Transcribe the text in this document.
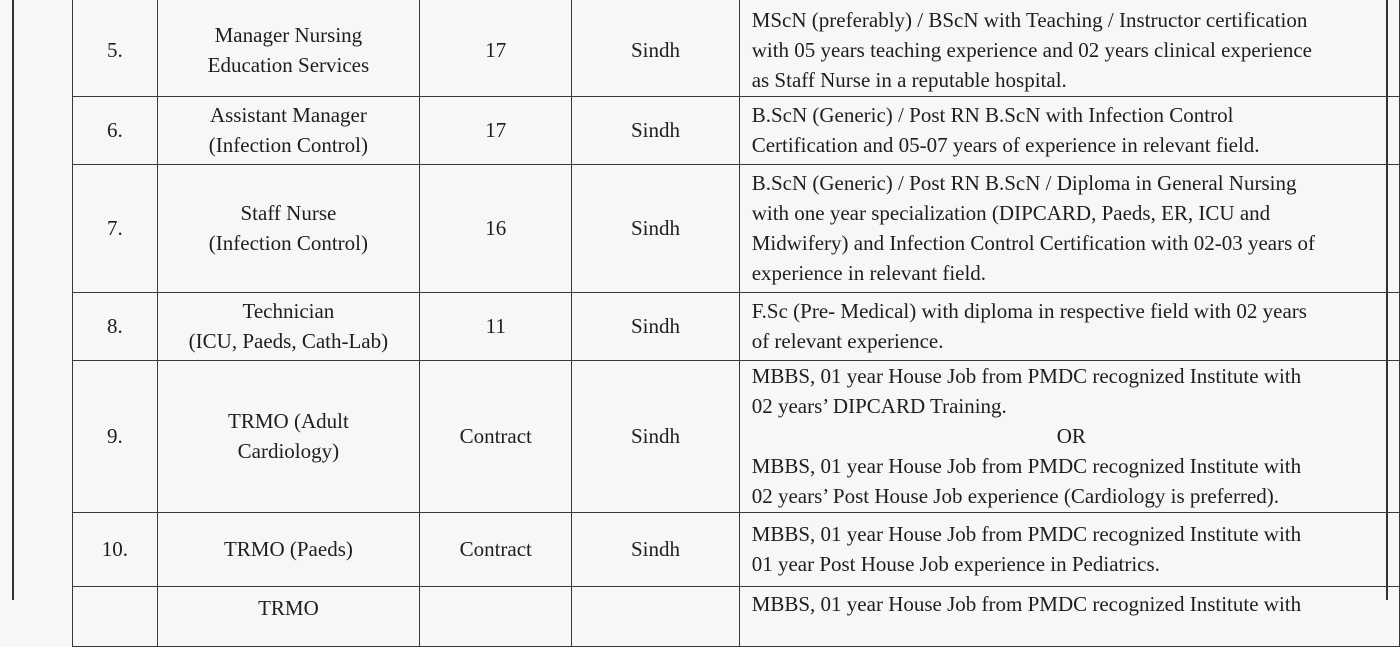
5.	Manager Nursing
Education Services	17	Sindh	MScN (preferably) / BScN with Teaching / Instructor certification
with 05 years teaching experience and 02 years clinical experience
as Staff Nurse in a reputable hospital.

6.	Assistant Manager
(Infection Control)	17	Sindh	B.ScN (Generic) / Post RN B.ScN with Infection Control
Certification and 05-07 years of experience in relevant field.

7.	Staff Nurse
(Infection Control)	16	Sindh	B.ScN (Generic) / Post RN B.ScN / Diploma in General Nursing
with one year specialization (DIPCARD, Paeds, ER, ICU and
Midwifery) and Infection Control Certification with 02-03 years of
experience in relevant field.

8.	Technician
(ICU, Paeds, Cath-Lab)	11	Sindh	F.Sc (Pre- Medical) with diploma in respective field with 02 years
of relevant experience.

9.	TRMO (Adult
Cardiology)	Contract	Sindh	MBBS, 01 year House Job from PMDC recognized Institute with
02 years’ DIPCARD Training.
OR
MBBS, 01 year House Job from PMDC recognized Institute with
02 years’ Post House Job experience (Cardiology is preferred).

10.	TRMO (Paeds)	Contract	Sindh	MBBS, 01 year House Job from PMDC recognized Institute with
01 year Post House Job experience in Pediatrics.

	TRMO			MBBS, 01 year House Job from PMDC recognized Institute with
